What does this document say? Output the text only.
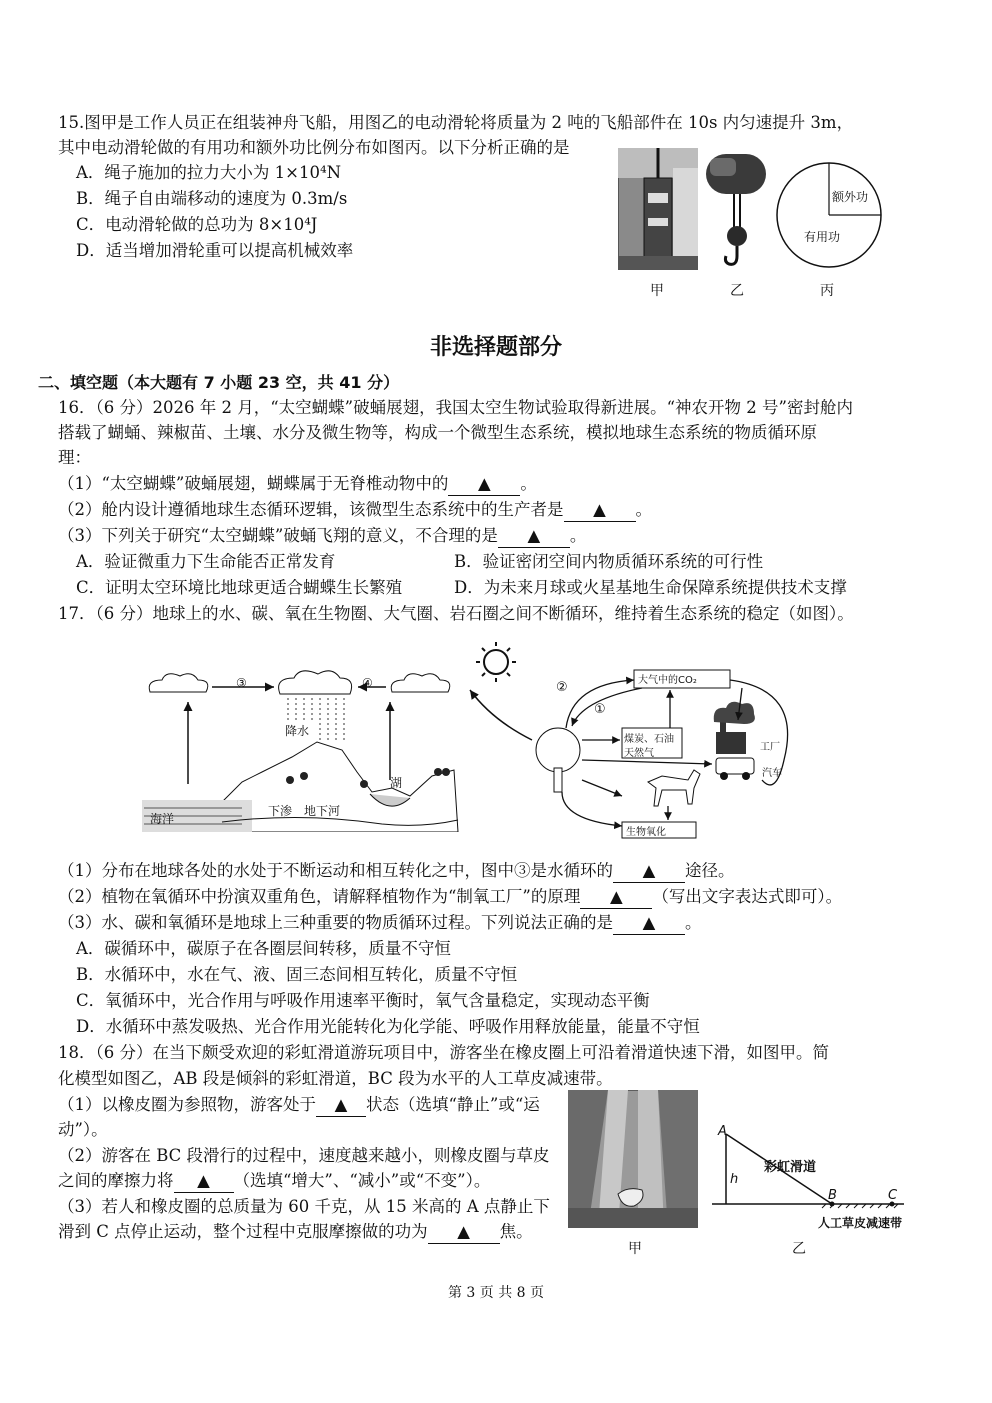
15.图甲是工作人员正在组装神舟飞船，用图乙的电动滑轮将质量为 2 吨的飞船部件在 10s 内匀速提升 3m，
其中电动滑轮做的有用功和额外功比例分布如图丙。以下分析正确的是
A．绳子施加的拉力大小为 1×10⁴N
B．绳子自由端移动的速度为 0.3m/s
C．电动滑轮做的总功为 8×10⁴J
D．适当增加滑轮重可以提高机械效率
甲	乙
额外功
有用功
丙
非选择题部分
二、填空题（本大题有 7 小题 23 空，共 41 分）
16．（6 分）2026 年 2 月，“太空蝴蝶”破蛹展翅，我国太空生物试验取得新进展。“神农开物 2 号”密封舱内
搭载了蝴蛹、辣椒苗、土壤、水分及微生物等，构成一个微型生态系统，模拟地球生态系统的物质循环原
理：
（1）“太空蝴蝶”破蛹展翅，蝴蝶属于无脊椎动物中的 ▲ 。
（2）舱内设计遵循地球生态循环逻辑，该微型生态系统中的生产者是 ▲ 。
（3）下列关于研究“太空蝴蝶”破蛹飞翔的意义，不合理的是 ▲ 。
A．验证微重力下生命能否正常发育	B．验证密闭空间内物质循环系统的可行性
C．证明太空环境比地球更适合蝴蝶生长繁殖	D．为未来月球或火星基地生命保障系统提供技术支撑
17．（6 分）地球上的水、碳、氧在生物圈、大气圈、岩石圈之间不断循环，维持着生态系统的稳定（如图）。
③	④
降水
海洋
下渗 地下河
湖
大气中的CO₂
②
①
煤炭、石油
天然气
工厂
汽车
生物氧化
（1）分布在地球各处的水处于不断运动和相互转化之中，图中③是水循环的 ▲ 途径。
（2）植物在氧循环中扮演双重角色，请解释植物作为“制氧工厂”的原理 ▲ （写出文字表达式即可）。
（3）水、碳和氧循环是地球上三种重要的物质循环过程。下列说法正确的是 ▲ 。
A．碳循环中，碳原子在各圈层间转移，质量不守恒
B．水循环中，水在气、液、固三态间相互转化，质量不守恒
C．氧循环中，光合作用与呼吸作用速率平衡时，氧气含量稳定，实现动态平衡
D．水循环中蒸发吸热、光合作用光能转化为化学能、呼吸作用释放能量，能量不守恒
18．（6 分）在当下颇受欢迎的彩虹滑道游玩项目中，游客坐在橡皮圈上可沿着滑道快速下滑，如图甲。简
化模型如图乙，AB 段是倾斜的彩虹滑道，BC 段为水平的人工草皮减速带。
（1）以橡皮圈为参照物，游客处于 ▲ 状态（选填“静止”或“运
动”）。
（2）游客在 BC 段滑行的过程中，速度越来越小，则橡皮圈与草皮
之间的摩擦力将 ▲ （选填“增大”、“减小”或“不变”）。
（3）若人和橡皮圈的总质量为 60 千克，从 15 米高的 A 点静止下
滑到 C 点停止运动，整个过程中克服摩擦做的功为 ▲ 焦。
甲
A
h
彩虹滑道
B	C
人工草皮减速带
乙
第 3 页 共 8 页
